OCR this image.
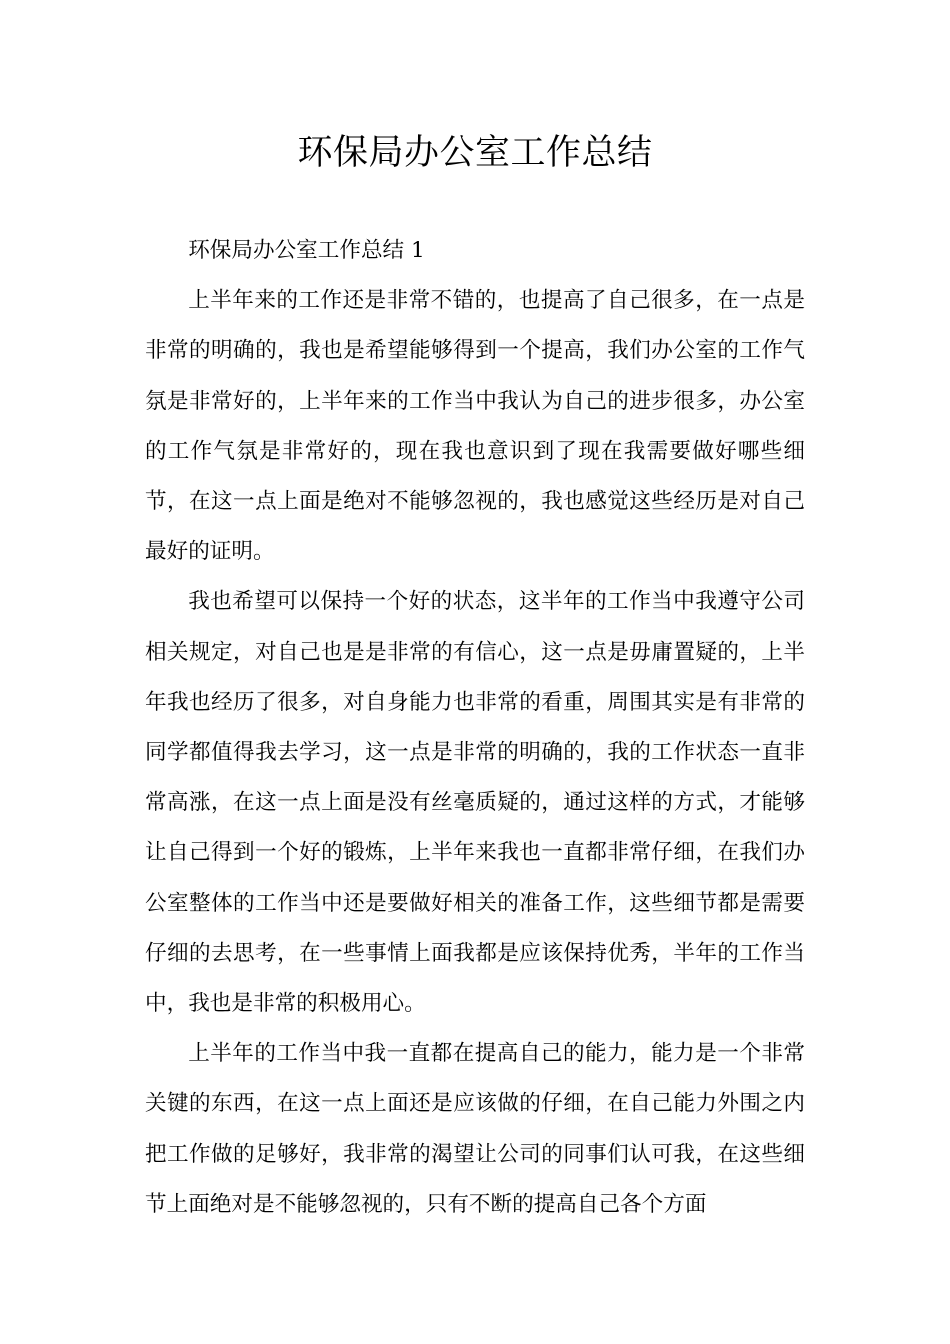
环保局办公室工作总结

环保局办公室工作总结 1

上半年来的工作还是非常不错的，也提高了自己很多，在一点是非常的明确的，我也是希望能够得到一个提高，我们办公室的工作气氛是非常好的，上半年来的工作当中我认为自己的进步很多，办公室的工作气氛是非常好的，现在我也意识到了现在我需要做好哪些细节，在这一点上面是绝对不能够忽视的，我也感觉这些经历是对自己最好的证明。

我也希望可以保持一个好的状态，这半年的工作当中我遵守公司相关规定，对自己也是是非常的有信心，这一点是毋庸置疑的，上半年我也经历了很多，对自身能力也非常的看重，周围其实是有非常的同学都值得我去学习，这一点是非常的明确的，我的工作状态一直非常高涨，在这一点上面是没有丝毫质疑的，通过这样的方式，才能够让自己得到一个好的锻炼，上半年来我也一直都非常仔细，在我们办公室整体的工作当中还是要做好相关的准备工作，这些细节都是需要仔细的去思考，在一些事情上面我都是应该保持优秀，半年的工作当中，我也是非常的积极用心。

上半年的工作当中我一直都在提高自己的能力，能力是一个非常关键的东西，在这一点上面还是应该做的仔细，在自己能力外围之内把工作做的足够好，我非常的渴望让公司的同事们认可我，在这些细节上面绝对是不能够忽视的，只有不断的提高自己各个方面
